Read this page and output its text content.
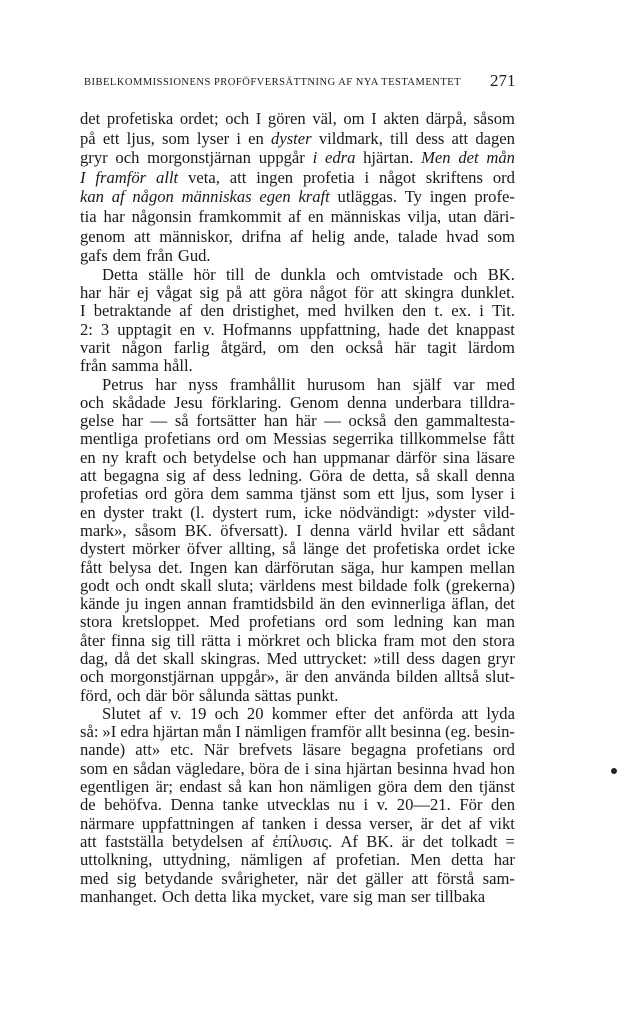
BIBELKOMMISSIONENS PROFÖFVERSÄTTNING AF NYA TESTAMENTET	271
det profetiska ordet; och I gören väl, om I akten därpå, såsom
på ett ljus, som lyser i en dyster vildmark, till dess att dagen
gryr och morgonstjärnan uppgår i edra hjärtan. Men det mån
I framför allt veta, att ingen profetia i något skriftens ord
kan af någon människas egen kraft utläggas. Ty ingen profe-
tia har någonsin framkommit af en människas vilja, utan däri-
genom att människor, drifna af helig ande, talade hvad som
gafs dem från Gud.
Detta ställe hör till de dunkla och omtvistade och BK.
har här ej vågat sig på att göra något för att skingra dunklet.
I betraktande af den dristighet, med hvilken den t. ex. i Tit.
2: 3 upptagit en v. Hofmanns uppfattning, hade det knappast
varit någon farlig åtgärd, om den också här tagit lärdom
från samma håll.
Petrus har nyss framhållit hurusom han själf var med
och skådade Jesu förklaring. Genom denna underbara tilldra-
gelse har — så fortsätter han här — också den gammaltesta-
mentliga profetians ord om Messias segerrika tillkommelse fått
en ny kraft och betydelse och han uppmanar därför sina läsare
att begagna sig af dess ledning. Göra de detta, så skall denna
profetias ord göra dem samma tjänst som ett ljus, som lyser i
en dyster trakt (l. dystert rum, icke nödvändigt: »dyster vild-
mark», såsom BK. öfversatt). I denna värld hvilar ett sådant
dystert mörker öfver allting, så länge det profetiska ordet icke
fått belysa det. Ingen kan därförutan säga, hur kampen mellan
godt och ondt skall sluta; världens mest bildade folk (grekerna)
kände ju ingen annan framtidsbild än den evinnerliga äflan, det
stora kretsloppet. Med profetians ord som ledning kan man
åter finna sig till rätta i mörkret och blicka fram mot den stora
dag, då det skall skingras. Med uttrycket: »till dess dagen gryr
och morgonstjärnan uppgår», är den använda bilden alltså slut-
förd, och där bör sålunda sättas punkt.
Slutet af v. 19 och 20 kommer efter det anförda att lyda
så: »I edra hjärtan mån I nämligen framför allt besinna (eg. besin-
nande) att» etc. När brefvets läsare begagna profetians ord
som en sådan vägledare, böra de i sina hjärtan besinna hvad hon
egentligen är; endast så kan hon nämligen göra dem den tjänst
de behöfva. Denna tanke utvecklas nu i v. 20—21. För den
närmare uppfattningen af tanken i dessa verser, är det af vikt
att fastställa betydelsen af ἐπίλυσις. Af BK. är det tolkadt =
uttolkning, uttydning, nämligen af profetian. Men detta har
med sig betydande svårigheter, när det gäller att förstå sam-
manhanget. Och detta lika mycket, vare sig man ser tillbaka
